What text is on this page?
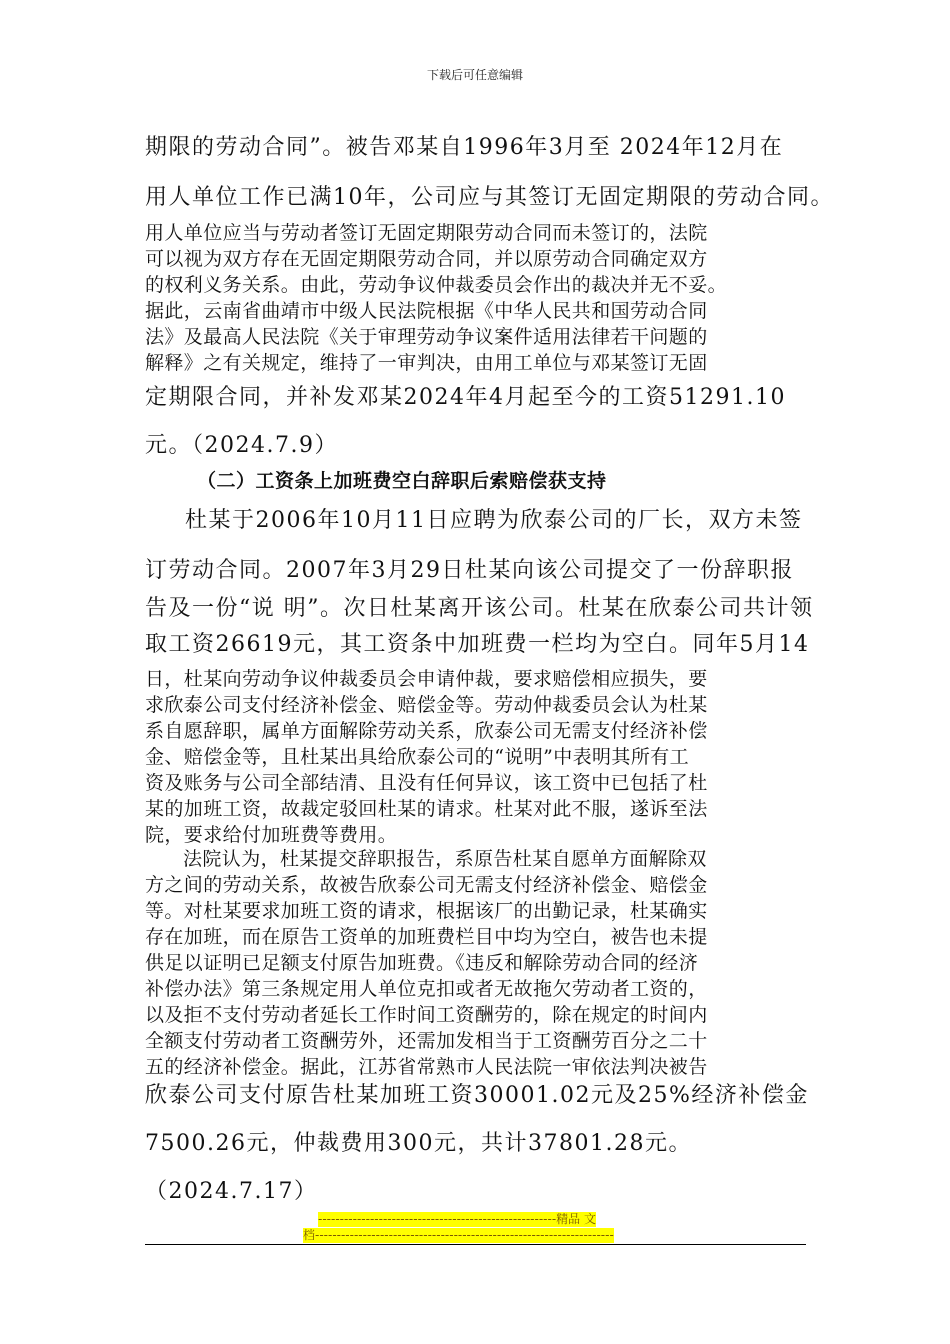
下载后可任意编辑
期限的劳动合同”。被告邓某自1996年3月至 2024年12月在
用人单位工作已满10年，公司应与其签订无固定期限的劳动合同。
用人单位应当与劳动者签订无固定期限劳动合同而未签订的，法院
可以视为双方存在无固定期限劳动合同，并以原劳动合同确定双方
的权利义务关系。由此，劳动争议仲裁委员会作出的裁决并无不妥。
据此，云南省曲靖市中级人民法院根据《中华人民共和国劳动合同
法》及最高人民法院《关于审理劳动争议案件适用法律若干问题的
解释》之有关规定，维持了一审判决，由用工单位与邓某签订无固
定期限合同，并补发邓某2024年4月起至今的工资51291.10
元。（2024.7.9）
（二）工资条上加班费空白辞职后索赔偿获支持
杜某于2006年10月11日应聘为欣泰公司的厂长，双方未签
订劳动合同。2007年3月29日杜某向该公司提交了一份辞职报
告及一份“说 明”。次日杜某离开该公司。杜某在欣泰公司共计领
取工资26619元，其工资条中加班费一栏均为空白。同年5月14
日，杜某向劳动争议仲裁委员会申请仲裁，要求赔偿相应损失，要
求欣泰公司支付经济补偿金、赔偿金等。劳动仲裁委员会认为杜某
系自愿辞职，属单方面解除劳动关系，欣泰公司无需支付经济补偿
金、赔偿金等，且杜某出具给欣泰公司的“说明”中表明其所有工
资及账务与公司全部结清、且没有任何异议，该工资中已包括了杜
某的加班工资，故裁定驳回杜某的请求。杜某对此不服，遂诉至法
院，要求给付加班费等费用。
法院认为，杜某提交辞职报告，系原告杜某自愿单方面解除双
方之间的劳动关系，故被告欣泰公司无需支付经济补偿金、赔偿金
等。对杜某要求加班工资的请求，根据该厂的出勤记录，杜某确实
存在加班，而在原告工资单的加班费栏目中均为空白，被告也未提
供足以证明已足额支付原告加班费。《违反和解除劳动合同的经济
补偿办法》第三条规定用人单位克扣或者无故拖欠劳动者工资的，
以及拒不支付劳动者延长工作时间工资酬劳的，除在规定的时间内
全额支付劳动者工资酬劳外，还需加发相当于工资酬劳百分之二十
五的经济补偿金。据此，江苏省常熟市人民法院一审依法判决被告
欣泰公司支付原告杜某加班工资30001.02元及25%经济补偿金
7500.26元，仲裁费用300元，共计37801.28元。
（2024.7.17）
-------------------------------------------------------精品 文
档---------------------------------------------------------------------
